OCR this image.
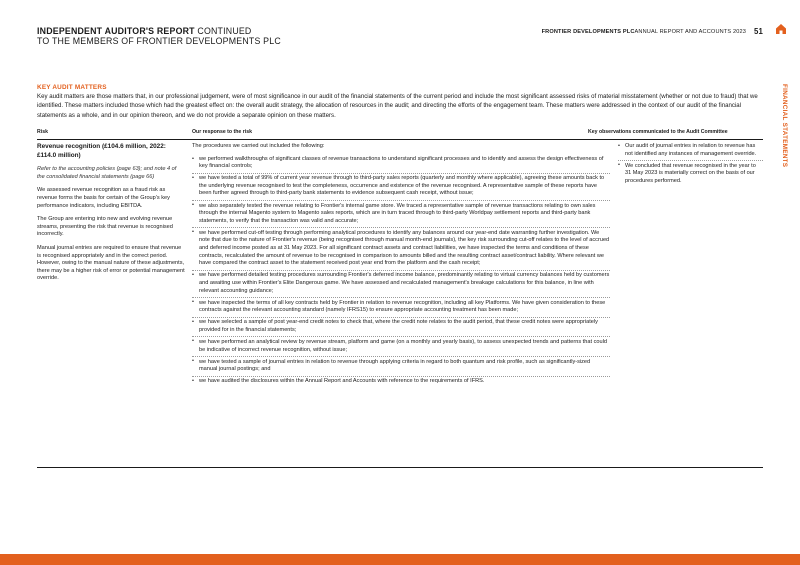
INDEPENDENT AUDITOR'S REPORT CONTINUED
TO THE MEMBERS OF FRONTIER DEVELOPMENTS PLC
FRONTIER DEVELOPMENTS PLC ANNUAL REPORT AND ACCOUNTS 2023 51
FINANCIAL STATEMENTS
KEY AUDIT MATTERS
Key audit matters are those matters that, in our professional judgement, were of most significance in our audit of the financial statements of the current period and include the most significant assessed risks of material misstatement (whether or not due to fraud) that we identified. These matters included those which had the greatest effect on: the overall audit strategy, the allocation of resources in the audit; and directing the efforts of the engagement team. These matters were addressed in the context of our audit of the financial statements as a whole, and in our opinion thereon, and we do not provide a separate opinion on these matters.
Risk	Our response to the risk	Key observations communicated to the Audit Committee

Revenue recognition (£104.6 million, 2022: £114.0 million)

Refer to the accounting policies (page 63); and note 4 of the consolidated financial statements (page 66)

We assessed revenue recognition as a fraud risk as revenue forms the basis for certain of the Group's key performance indicators, including EBITDA.

The Group are entering into new and evolving revenue streams, presenting the risk that revenue is recognised incorrectly.

Manual journal entries are required to ensure that revenue is recognised appropriately and in the correct period. However, owing to the manual nature of these adjustments, there may be a higher risk of error or potential management override.

The procedures we carried out included the following:

• we performed walkthroughs of significant classes of revenue transactions to understand significant processes and to identify and assess the design effectiveness of key financial controls;
• we have tested a total of 99% of current year revenue through to third-party sales reports (quarterly and monthly where applicable), agreeing these amounts back to the underlying revenue recognised to test the completeness, occurrence and existence of the revenue recognised. A representative sample of these reports have been further agreed through to third-party bank statements to evidence subsequent cash receipt, without issue;
• we also separately tested the revenue relating to Frontier's internal game store. We traced a representative sample of revenue transactions relating to own sales through the internal Magento system to Magento sales reports, which are in turn traced through to third-party Worldpay settlement reports and third-party bank statements, to verify that the transaction was valid and accurate;
• we have performed cut-off testing through performing analytical procedures to identify any balances around our year-end date warranting further investigation. We note that due to the nature of Frontier's revenue (being recognised through manual month-end journals), the key risk surrounding cut-off relates to the level of accrued and deferred income posted as at 31 May 2023. For all significant contract assets and contract liabilities, we have inspected the terms and conditions of these contracts, recalculated the amount of revenue to be recognised in comparison to amounts billed and the resulting contract asset/contract liability. Where relevant we have compared the contract asset to the statement received post year end from the platform and the cash receipt;
• we have performed detailed testing procedures surrounding Frontier's deferred income balance, predominantly relating to virtual currency balances held by customers and awaiting use within Frontier's Elite Dangerous game. We have assessed and recalculated management's breakage calculations for this balance, in line with relevant accounting guidance;
• we have inspected the terms of all key contracts held by Frontier in relation to revenue recognition, including all key Platforms. We have given consideration to these contracts against the relevant accounting standard (namely IFRS15) to ensure appropriate accounting treatment has been made;
• we have selected a sample of post year-end credit notes to check that, where the credit note relates to the audit period, that these credit notes were appropriately provided for in the financial statements;
• we have performed an analytical review by revenue stream, platform and game (on a monthly and yearly basis), to assess unexpected trends and patterns that could be indicative of incorrect revenue recognition, without issue;
• we have tested a sample of journal entries in relation to revenue through applying criteria in regard to both quantum and risk profile, such as significantly-sized manual journal postings; and
• we have audited the disclosures within the Annual Report and Accounts with reference to the requirements of IFRS.
• Our audit of journal entries in relation to revenue has not identified any instances of management override.
• We concluded that revenue recognised in the year to 31 May 2023 is materially correct on the basis of our procedures performed.
